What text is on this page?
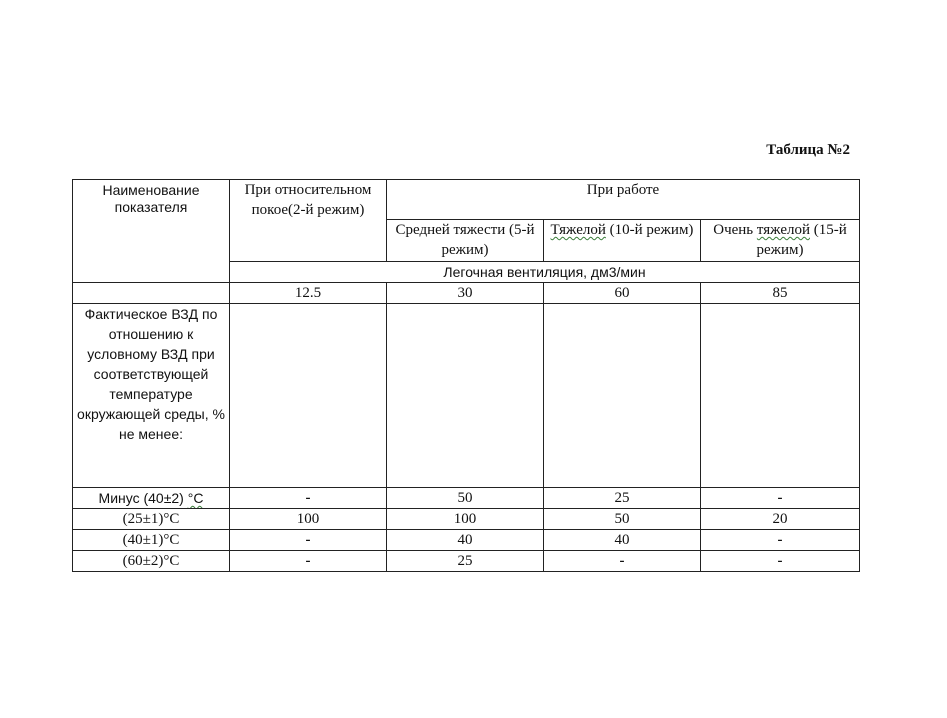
Таблица №2
Наименование показателя	При относительном покое(2-й режим)	При работе		
		Средней тяжести (5-й режим)	Тяжелой (10-й режим)	Очень тяжелой (15-й режим)
	Легочная вентиляция, дм3/мин			
	12.5	30	60	85
Фактическое ВЗД по отношению к условному ВЗД при соответствующей температуре окружающей среды, % не менее:				
Минус (40±2) °С	-	50	25	-
(25±1)°С	100	100	50	20
(40±1)°С	-	40	40	-
(60±2)°С	-	25	-	-
